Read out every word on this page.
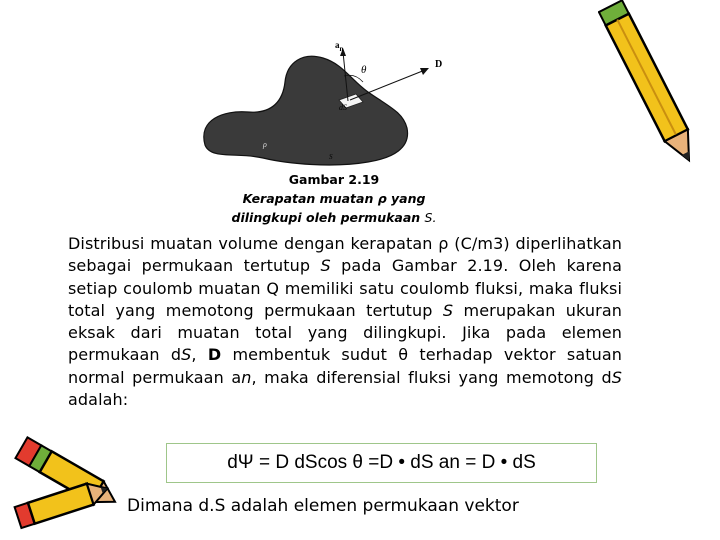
$a_n$
θ	D
dS
ρ
S
Gambar 2.19
Kerapatan muatan ρ yang
dilingkupi oleh permukaan S.

Distribusi muatan volume dengan kerapatan ρ (C/m3) diperlihatkan sebagai permukaan tertutup S pada Gambar 2.19. Oleh karena setiap coulomb muatan Q memiliki satu coulomb fluksi, maka fluksi total yang memotong permukaan tertutup S merupakan ukuran eksak dari muatan total yang dilingkupi. Jika pada elemen permukaan dS, D membentuk sudut θ terhadap vektor satuan normal permukaan an, maka diferensial fluksi yang memotong dS adalah:

dΨ = D dScos θ =D • dS an = D • dS
Dimana d.S adalah elemen permukaan vektor
